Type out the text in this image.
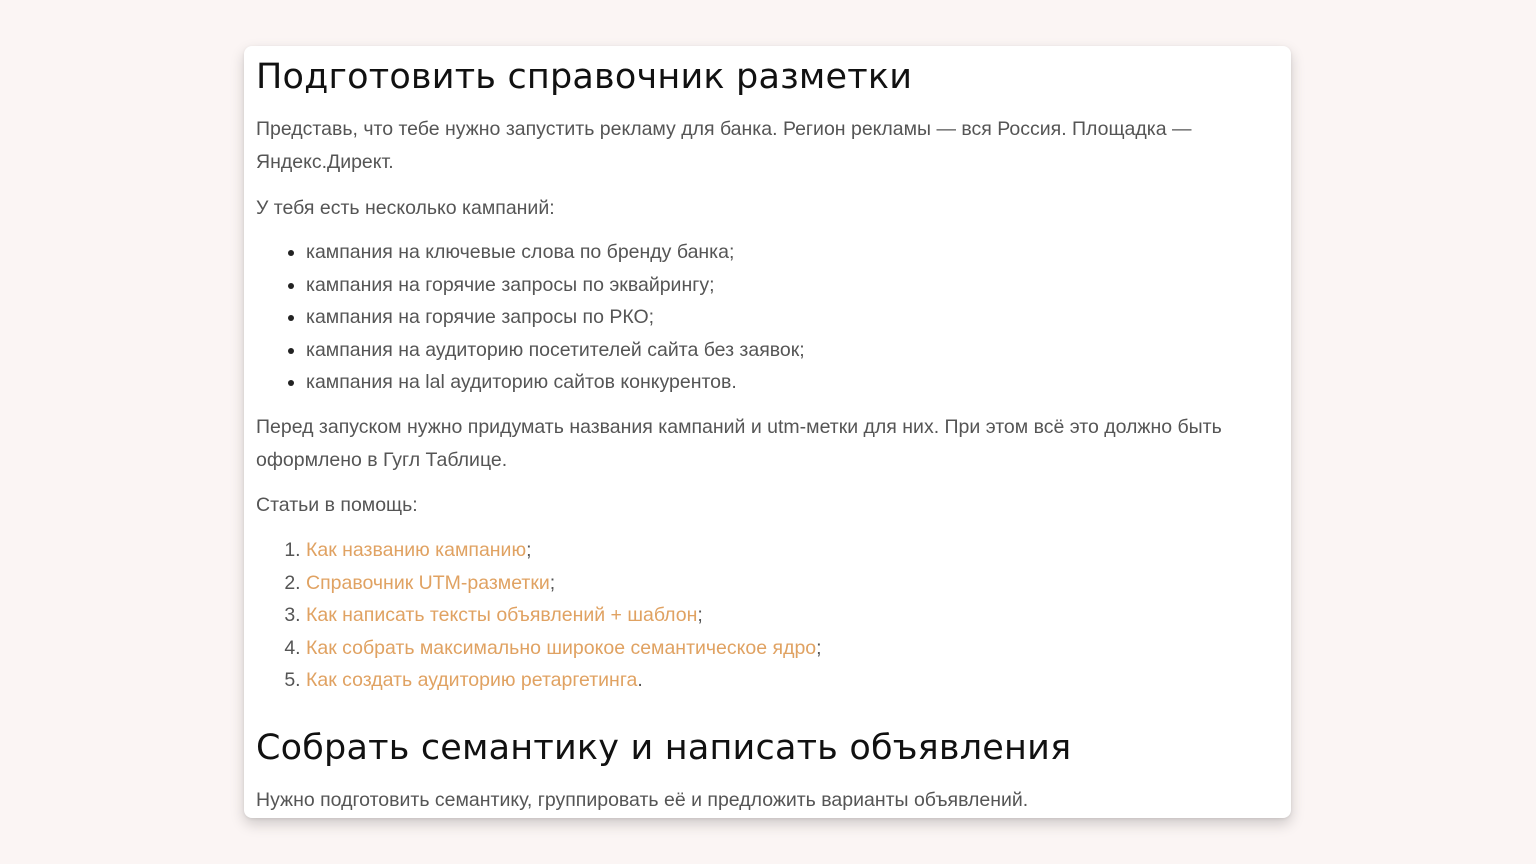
Подготовить справочник разметки

Представь, что тебе нужно запустить рекламу для банка. Регион рекламы — вся Россия. Площадка — Яндекс.Директ.

У тебя есть несколько кампаний:

• кампания на ключевые слова по бренду банка;
• кампания на горячие запросы по эквайрингу;
• кампания на горячие запросы по РКО;
• кампания на аудиторию посетителей сайта без заявок;
• кампания на lal аудиторию сайтов конкурентов.

Перед запуском нужно придумать названия кампаний и utm-метки для них. При этом всё это должно быть оформлено в Гугл Таблице.

Статьи в помощь:

1. Как названию кампанию;
2. Справочник UTM-разметки;
3. Как написать тексты объявлений + шаблон;
4. Как собрать максимально широкое семантическое ядро;
5. Как создать аудиторию ретаргетинга.
Собрать семантику и написать объявления

Нужно подготовить семантику, группировать её и предложить варианты объявлений.
